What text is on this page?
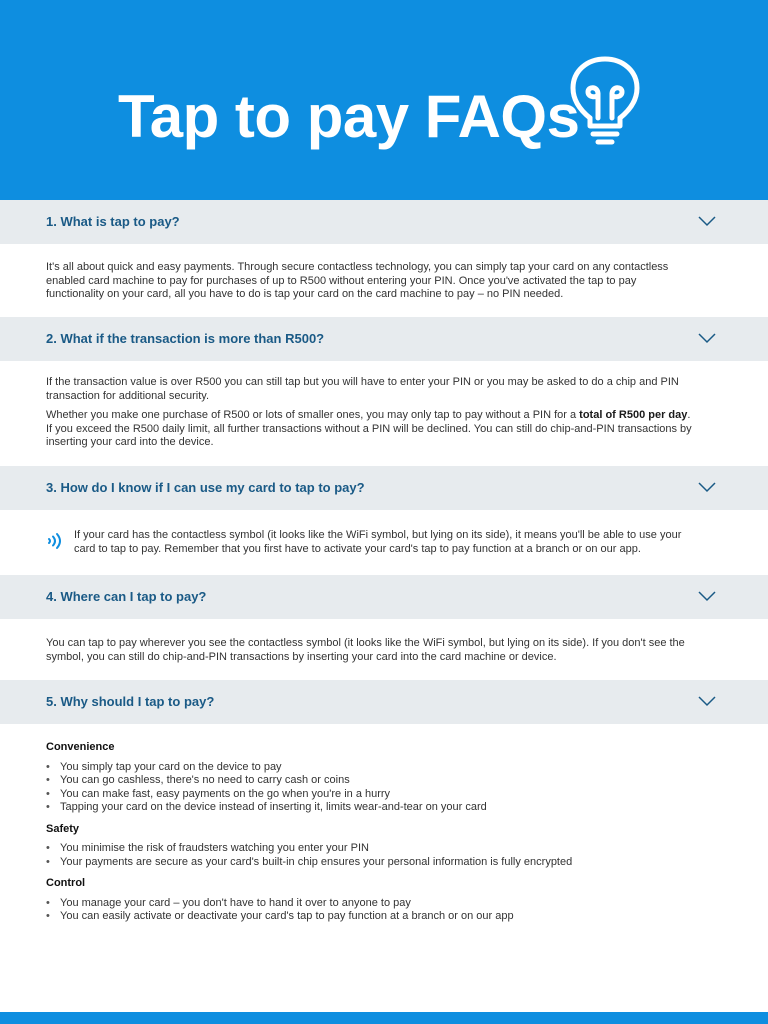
Tap to pay FAQs
1. What is tap to pay?

It's all about quick and easy payments. Through secure contactless technology, you can simply tap your card on any contactless enabled card machine to pay for purchases of up to R500 without entering your PIN. Once you've activated the tap to pay functionality on your card, all you have to do is tap your card on the card machine to pay – no PIN needed.

2. What if the transaction is more than R500?

If the transaction value is over R500 you can still tap but you will have to enter your PIN or you may be asked to do a chip and PIN transaction for additional security.

Whether you make one purchase of R500 or lots of smaller ones, you may only tap to pay without a PIN for a total of R500 per day. If you exceed the R500 daily limit, all further transactions without a PIN will be declined. You can still do chip-and-PIN transactions by inserting your card into the device.

3. How do I know if I can use my card to tap to pay?

If your card has the contactless symbol (it looks like the WiFi symbol, but lying on its side), it means you'll be able to use your card to tap to pay. Remember that you first have to activate your card's tap to pay function at a branch or on our app.

4. Where can I tap to pay?

You can tap to pay wherever you see the contactless symbol (it looks like the WiFi symbol, but lying on its side). If you don't see the symbol, you can still do chip-and-PIN transactions by inserting your card into the card machine or device.

5. Why should I tap to pay?

Convenience

• You simply tap your card on the device to pay
• You can go cashless, there's no need to carry cash or coins
• You can make fast, easy payments on the go when you're in a hurry
• Tapping your card on the device instead of inserting it, limits wear-and-tear on your card

Safety

• You minimise the risk of fraudsters watching you enter your PIN
• Your payments are secure as your card's built-in chip ensures your personal information is fully encrypted

Control

• You manage your card – you don't have to hand it over to anyone to pay
• You can easily activate or deactivate your card's tap to pay function at a branch or on our app
